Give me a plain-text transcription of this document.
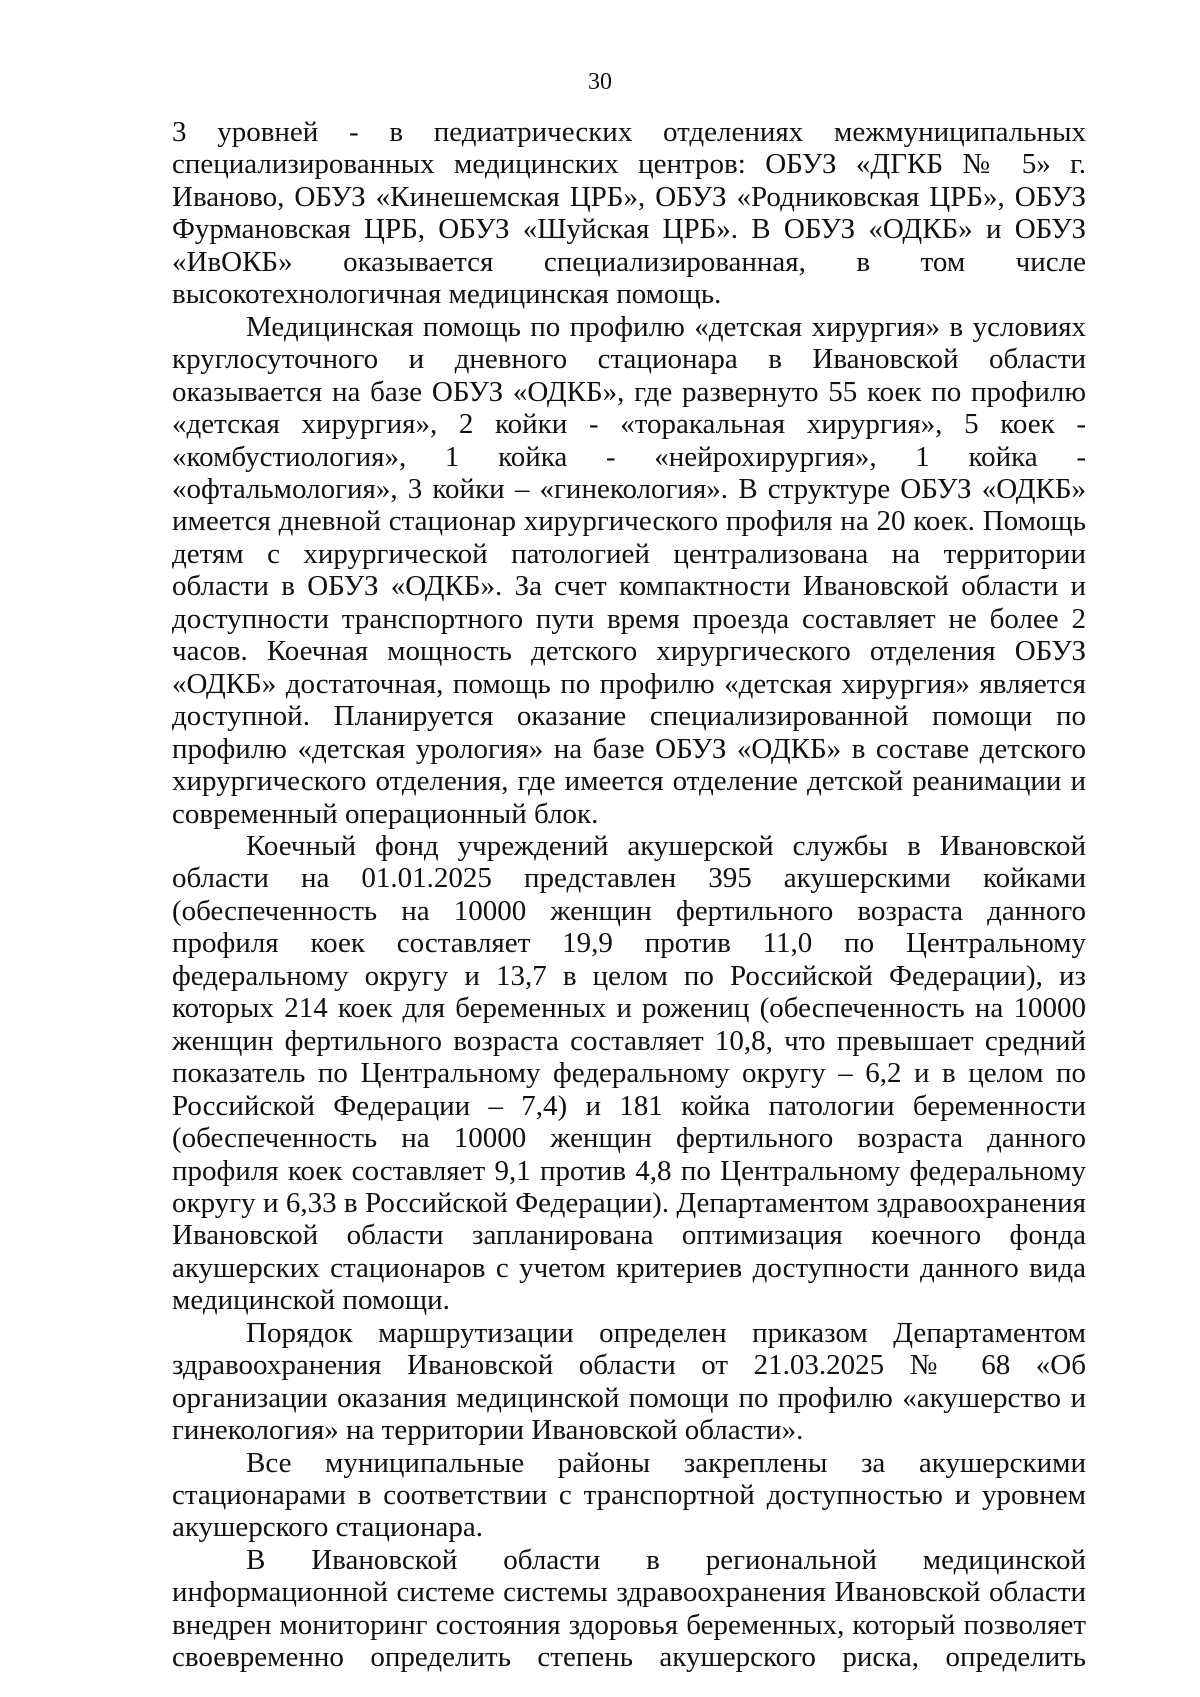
30

3 уровней - в педиатрических отделениях межмуниципальных специализированных медицинских центров: ОБУЗ «ДГКБ № 5» г. Иваново, ОБУЗ «Кинешемская ЦРБ», ОБУЗ «Родниковская ЦРБ», ОБУЗ Фурмановская ЦРБ, ОБУЗ «Шуйская ЦРБ». В ОБУЗ «ОДКБ» и ОБУЗ «ИвОКБ» оказывается специализированная, в том числе высокотехнологичная медицинская помощь.

Медицинская помощь по профилю «детская хирургия» в условиях круглосуточного и дневного стационара в Ивановской области оказывается на базе ОБУЗ «ОДКБ», где развернуто 55 коек по профилю «детская хирургия», 2 койки - «торакальная хирургия», 5 коек - «комбустиология», 1 койка - «нейрохирургия», 1 койка - «офтальмология», 3 койки – «гинекология». В структуре ОБУЗ «ОДКБ» имеется дневной стационар хирургического профиля на 20 коек. Помощь детям с хирургической патологией централизована на территории области в ОБУЗ «ОДКБ». За счет компактности Ивановской области и доступности транспортного пути время проезда составляет не более 2 часов. Коечная мощность детского хирургического отделения ОБУЗ «ОДКБ» достаточная, помощь по профилю «детская хирургия» является доступной. Планируется оказание специализированной помощи по профилю «детская урология» на базе ОБУЗ «ОДКБ» в составе детского хирургического отделения, где имеется отделение детской реанимации и современный операционный блок.

Коечный фонд учреждений акушерской службы в Ивановской области на 01.01.2025 представлен 395 акушерскими койками (обеспеченность на 10000 женщин фертильного возраста данного профиля коек составляет 19,9 против 11,0 по Центральному федеральному округу и 13,7 в целом по Российской Федерации), из которых 214 коек для беременных и рожениц (обеспеченность на 10000 женщин фертильного возраста составляет 10,8, что превышает средний показатель по Центральному федеральному округу – 6,2 и в целом по Российской Федерации – 7,4) и 181 койка патологии беременности (обеспеченность на 10000 женщин фертильного возраста данного профиля коек составляет 9,1 против 4,8 по Центральному федеральному округу и 6,33 в Российской Федерации). Департаментом здравоохранения Ивановской области запланирована оптимизация коечного фонда акушерских стационаров с учетом критериев доступности данного вида медицинской помощи.

Порядок маршрутизации определен приказом Департаментом здравоохранения Ивановской области от 21.03.2025 № 68 «Об организации оказания медицинской помощи по профилю «акушерство и гинекология» на территории Ивановской области».

Все муниципальные районы закреплены за акушерскими стационарами в соответствии с транспортной доступностью и уровнем акушерского стационара.

В Ивановской области в региональной медицинской информационной системе системы здравоохранения Ивановской области внедрен мониторинг состояния здоровья беременных, который позволяет своевременно определить степень акушерского риска, определить
